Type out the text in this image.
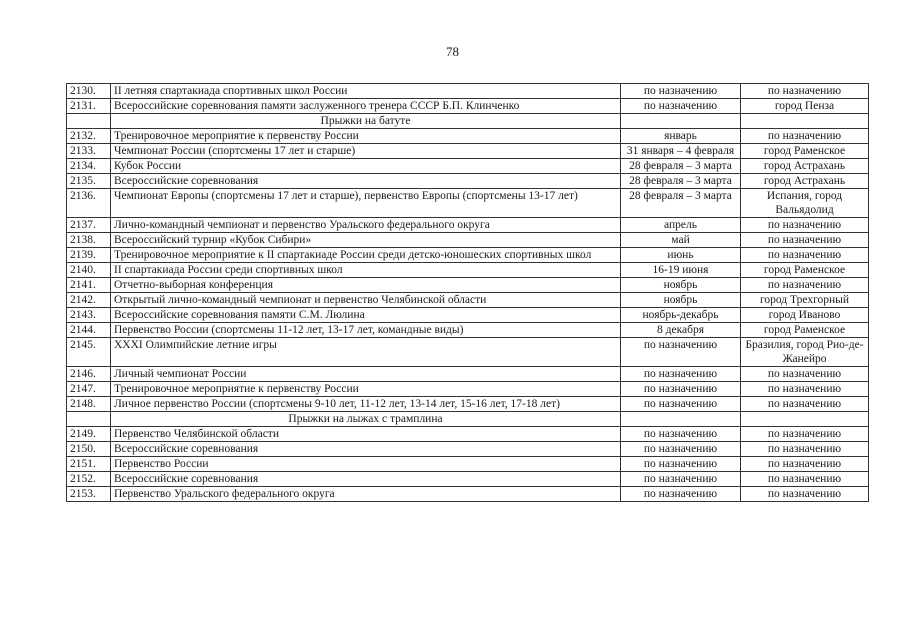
78
2130.	II летняя спартакиада спортивных школ России	по назначению	по назначению
2131.	Всероссийские соревнования памяти заслуженного тренера СССР Б.П. Клинченко	по назначению	город Пенза
	Прыжки на батуте		
2132.	Тренировочное мероприятие к первенству России	январь	по назначению
2133.	Чемпионат России (спортсмены 17 лет и старше)	31 января – 4 февраля	город Раменское
2134.	Кубок России	28 февраля – 3 марта	город Астрахань
2135.	Всероссийские соревнования	28 февраля – 3 марта	город Астрахань
2136.	Чемпионат Европы (спортсмены 17 лет и старше), первенство Европы (спортсмены 13-17 лет)	28 февраля – 3 марта	Испания, город Вальядолид
2137.	Лично-командный чемпионат и первенство Уральского федерального округа	апрель	по назначению
2138.	Всероссийский турнир «Кубок Сибири»	май	по назначению
2139.	Тренировочное мероприятие к II спартакиаде России среди детско-юношеских спортивных школ	июнь	по назначению
2140.	II спартакиада России среди спортивных школ	16-19 июня	город Раменское
2141.	Отчетно-выборная конференция	ноябрь	по назначению
2142.	Открытый лично-командный чемпионат и первенство Челябинской области	ноябрь	город Трехгорный
2143.	Всероссийские соревнования памяти С.М. Люлина	ноябрь-декабрь	город Иваново
2144.	Первенство России (спортсмены 11-12 лет, 13-17 лет, командные виды)	8 декабря	город Раменское
2145.	XXXI Олимпийские летние игры	по назначению	Бразилия, город Рио-де-Жанейро
2146.	Личный чемпионат России	по назначению	по назначению
2147.	Тренировочное мероприятие к первенству России	по назначению	по назначению
2148.	Личное первенство России (спортсмены 9-10 лет, 11-12 лет, 13-14 лет, 15-16 лет, 17-18 лет)	по назначению	по назначению
	Прыжки на лыжах с трамплина		
2149.	Первенство Челябинской области	по назначению	по назначению
2150.	Всероссийские соревнования	по назначению	по назначению
2151.	Первенство России	по назначению	по назначению
2152.	Всероссийские соревнования	по назначению	по назначению
2153.	Первенство Уральского федерального округа	по назначению	по назначению
